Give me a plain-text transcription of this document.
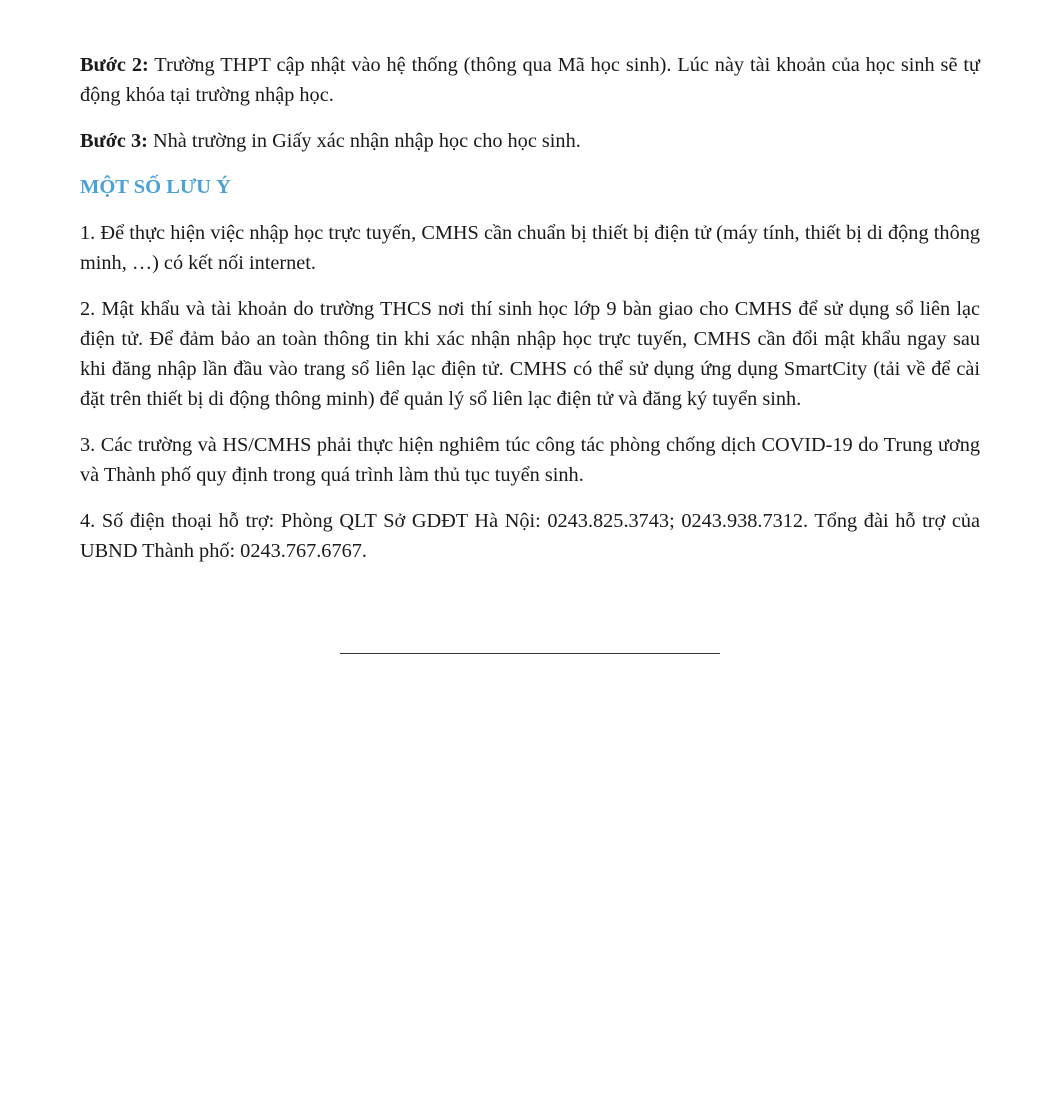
Bước 2: Trường THPT cập nhật vào hệ thống (thông qua Mã học sinh). Lúc này tài khoản của học sinh sẽ tự động khóa tại trường nhập học.

Bước 3: Nhà trường in Giấy xác nhận nhập học cho học sinh.

MỘT SỐ LƯU Ý

1. Để thực hiện việc nhập học trực tuyến, CMHS cần chuẩn bị thiết bị điện tử (máy tính, thiết bị di động thông minh, …) có kết nối internet.

2. Mật khẩu và tài khoản do trường THCS nơi thí sinh học lớp 9 bàn giao cho CMHS để sử dụng sổ liên lạc điện tử. Để đảm bảo an toàn thông tin khi xác nhận nhập học trực tuyến, CMHS cần đổi mật khẩu ngay sau khi đăng nhập lần đầu vào trang sổ liên lạc điện tử. CMHS có thể sử dụng ứng dụng SmartCity (tải về để cài đặt trên thiết bị di động thông minh) để quản lý sổ liên lạc điện tử và đăng ký tuyển sinh.

3. Các trường và HS/CMHS phải thực hiện nghiêm túc công tác phòng chống dịch COVID-19 do Trung ương và Thành phố quy định trong quá trình làm thủ tục tuyển sinh.

4. Số điện thoại hỗ trợ: Phòng QLT Sở GDĐT Hà Nội: 0243.825.3743; 0243.938.7312. Tổng đài hỗ trợ của UBND Thành phố: 0243.767.6767.
